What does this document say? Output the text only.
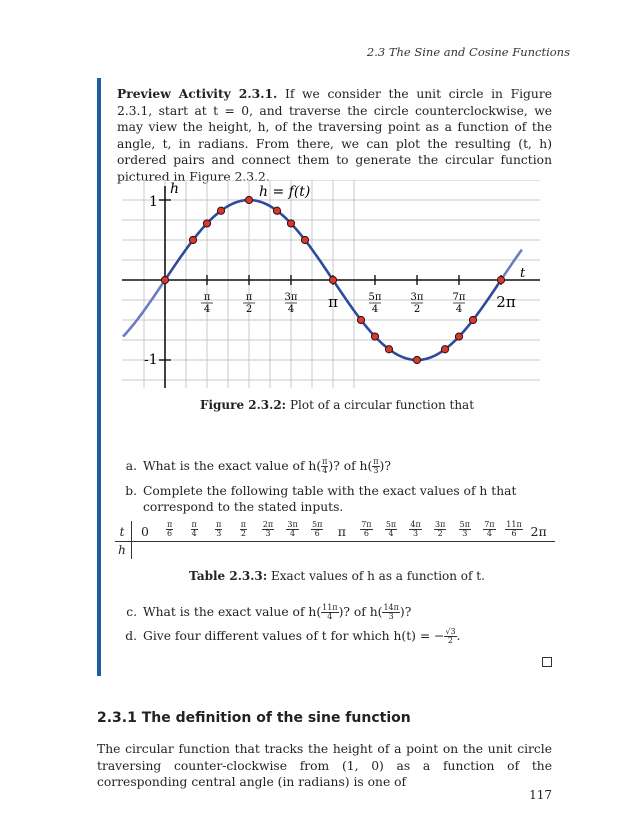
2.3 The Sine and Cosine Functions
Preview Activity 2.3.1. If we consider the unit circle in Figure 2.3.1, start at t = 0, and traverse the circle counterclockwise, we may view the height, h, of the traversing point as a function of the angle, t, in radians. From there, we can plot the resulting (t, h) ordered pairs and connect them to generate the circular function pictured in Figure 2.3.2.
π
4
π
2
3π
4 π	5π
4
3π
2
7π
4 2π
h
t
1
-1
h = f(t)
Figure 2.3.2: Plot of a circular function that
a. What is the exact value of $h( \frac{\pi}{4}$ )? of $h( \frac{\pi}{3}$ )?
b. Complete the following table with the exact values of h that correspond to the stated inputs.
t
h
0	$\frac{\pi}{6} \frac{\pi}{4} \frac{\pi}{3} \frac{\pi}{2} \frac{2\pi}{3} \frac{3\pi}{4} \frac{5\pi}{6}$	π	$\frac{7\pi}{6} \frac{5\pi}{4} \frac{4\pi}{3} \frac{3\pi}{2} \frac{5\pi}{3} \frac{7\pi}{4} \frac{11\pi}{6} 2\pi$
Table 2.3.3: Exact values of h as a function of t.
c. What is the exact value of $h( \frac{11\pi}{4}$ )? of $h( \frac{14\pi}{3}$ )?
d. Give four different values of t for which h(t) = − $\frac{√3}{2}$ .
2.3.1 The definition of the sine function
The circular function that tracks the height of a point on the unit circle traversing counter-clockwise from (1, 0) as a function of the corresponding central angle (in radians) is one of
117
